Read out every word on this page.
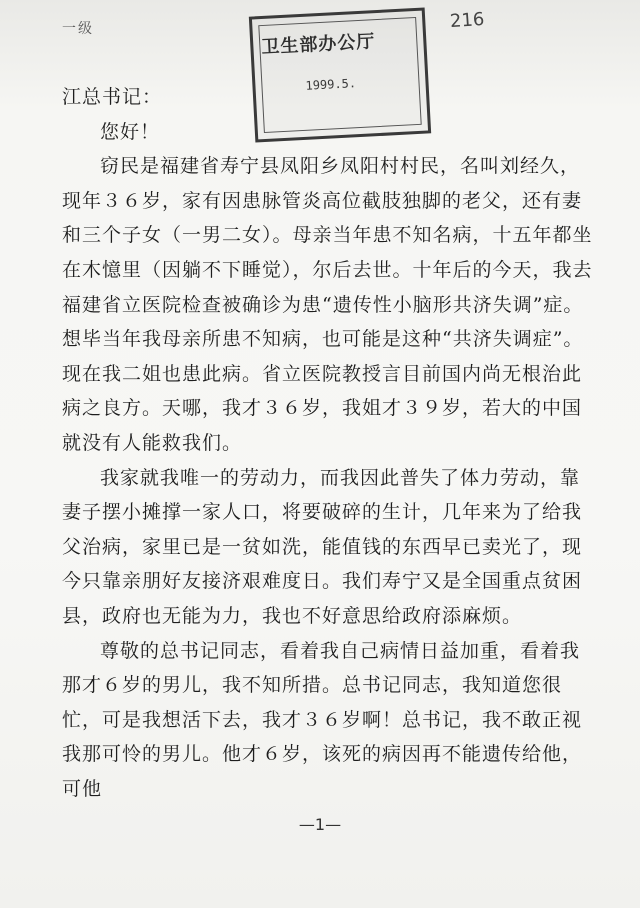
一级	216
卫生部办公厅
1999.5.

江总书记：

您好！

窃民是福建省寿宁县凤阳乡凤阳村村民，名叫刘经久，现年３６岁，家有因患脉管炎高位截肢独脚的老父，还有妻和三个子女（一男二女）。母亲当年患不知名病，十五年都坐在木憶里（因躺不下睡觉），尔后去世。十年后的今天，我去福建省立医院检查被确诊为患“遗传性小脑形共济失调”症。想毕当年我母亲所患不知病，也可能是这种“共济失调症”。现在我二姐也患此病。省立医院教授言目前国内尚无根治此病之良方。天哪，我才３６岁，我姐才３９岁，若大的中国就没有人能救我们。

我家就我唯一的劳动力，而我因此普失了体力劳动，靠妻子摆小摊撑一家人口，将要破碎的生计，几年来为了给我父治病，家里已是一贫如洗，能值钱的东西早已卖光了，现今只靠亲朋好友接济艰难度日。我们寿宁又是全国重点贫困县，政府也无能为力，我也不好意思给政府添麻烦。

尊敬的总书记同志，看着我自己病情日益加重，看着我那才６岁的男儿，我不知所措。总书记同志，我知道您很忙，可是我想活下去，我才３６岁啊！总书记，我不敢正视我那可怜的男儿。他才６岁，该死的病因再不能遗传给他，可他

—1—
